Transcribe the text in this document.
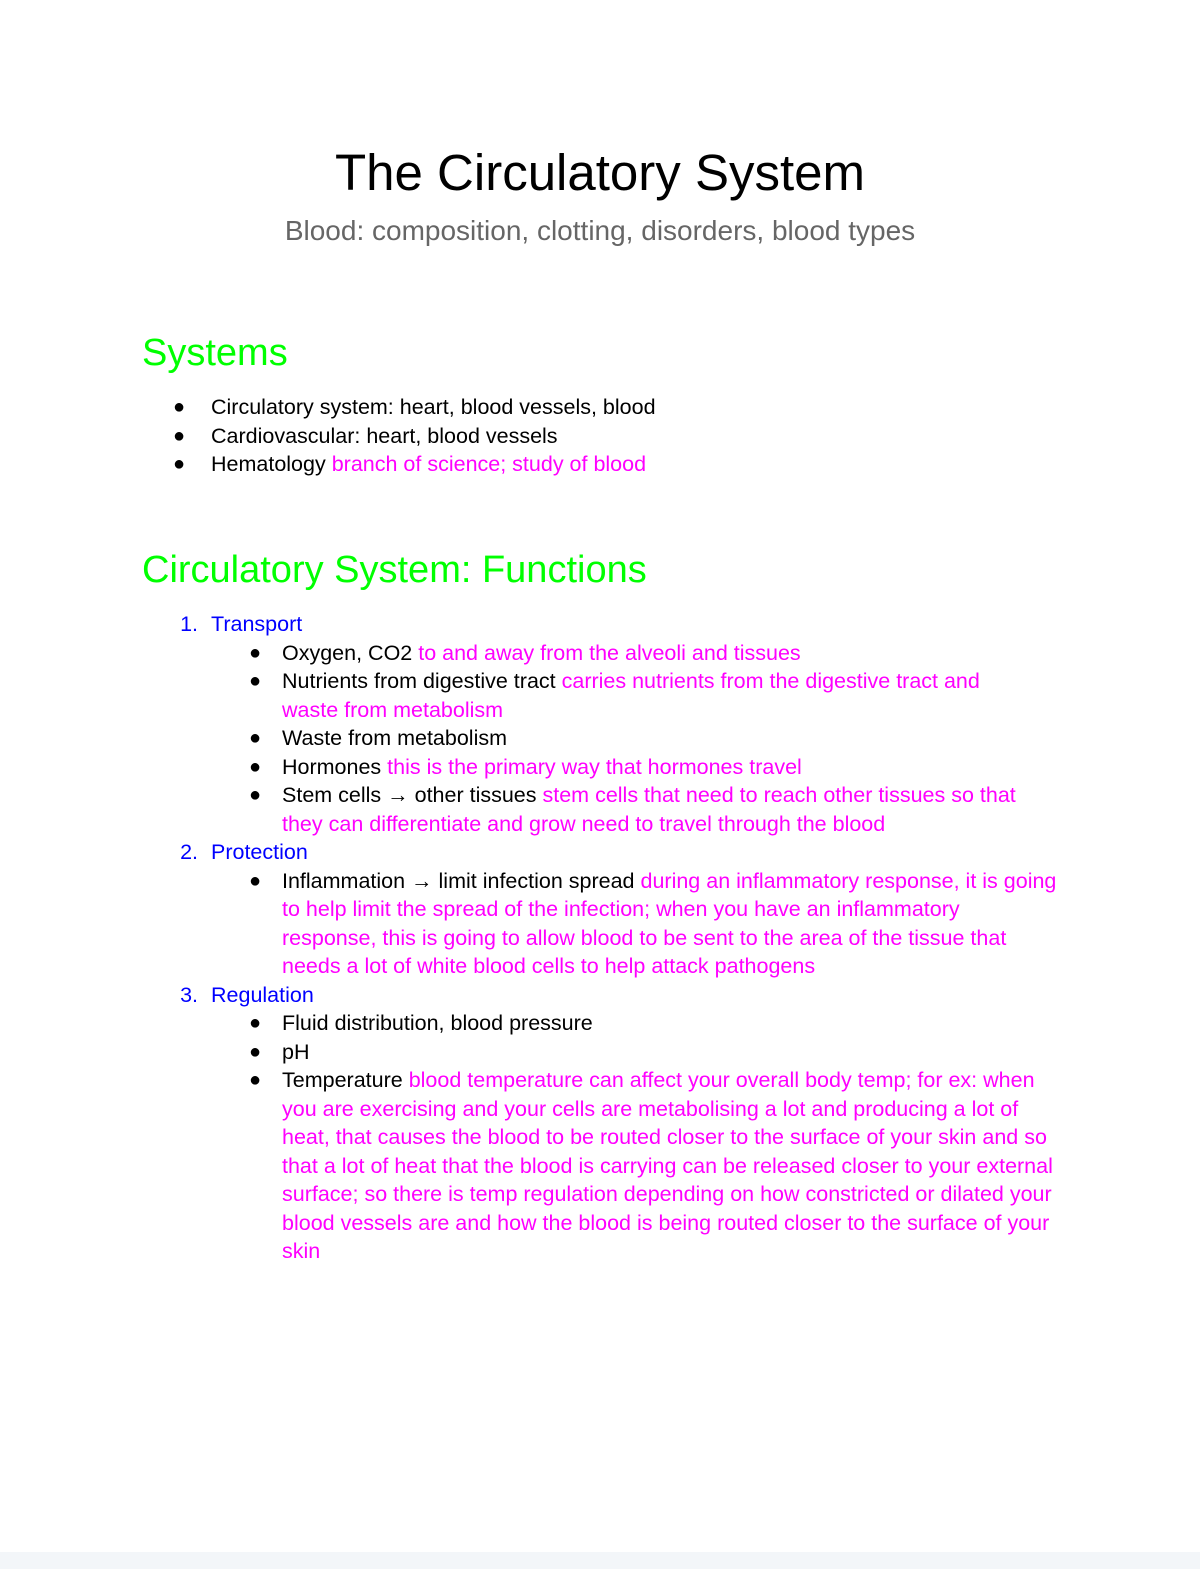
The Circulatory System
Blood: composition, clotting, disorders, blood types
Systems
● Circulatory system: heart, blood vessels, blood
● Cardiovascular: heart, blood vessels
● Hematology branch of science; study of blood
Circulatory System: Functions
1. Transport
● Oxygen, CO2 to and away from the alveoli and tissues
● Nutrients from digestive tract carries nutrients from the digestive tract and waste from metabolism
● Waste from metabolism
● Hormones this is the primary way that hormones travel
● Stem cells → other tissues stem cells that need to reach other tissues so that they can differentiate and grow need to travel through the blood
2. Protection
● Inflammation → limit infection spread during an inflammatory response, it is going to help limit the spread of the infection; when you have an inflammatory response, this is going to allow blood to be sent to the area of the tissue that needs a lot of white blood cells to help attack pathogens
3. Regulation
● Fluid distribution, blood pressure
● pH
● Temperature blood temperature can affect your overall body temp; for ex: when you are exercising and your cells are metabolising a lot and producing a lot of heat, that causes the blood to be routed closer to the surface of your skin and so that a lot of heat that the blood is carrying can be released closer to your external surface; so there is temp regulation depending on how constricted or dilated your blood vessels are and how the blood is being routed closer to the surface of your skin
